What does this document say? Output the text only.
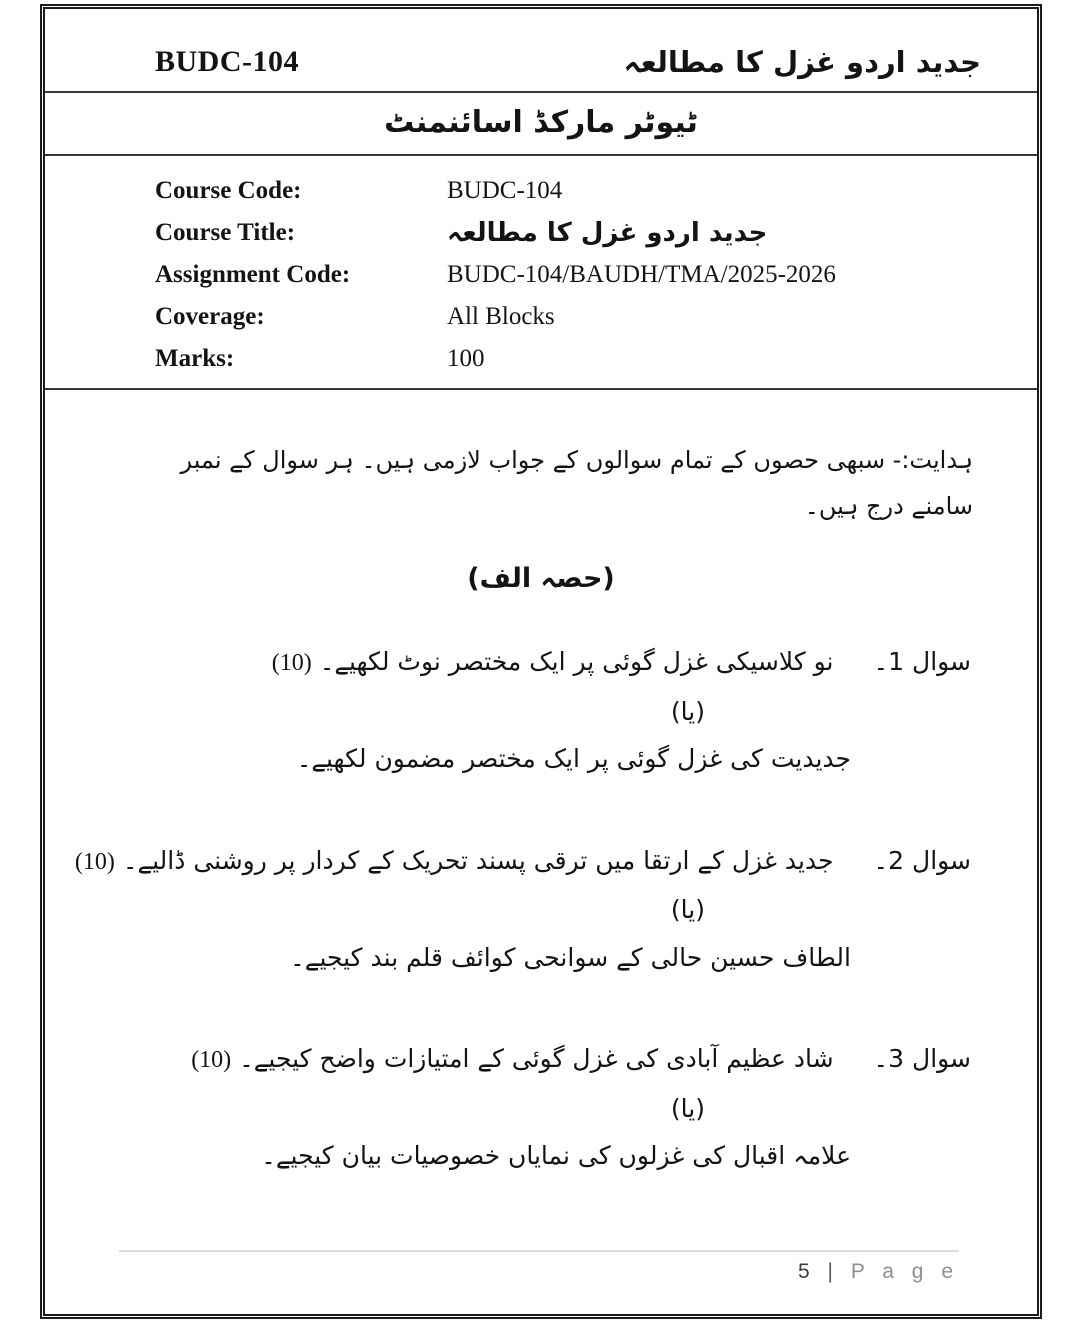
BUDC-104	جدید اردو غزل کا مطالعہ
ٹیوٹر مارکڈ اسائنمنٹ
Course Code:	BUDC-104
Course Title:	جدید اردو غزل کا مطالعہ
Assignment Code:	BUDC-104/BAUDH/TMA/2025-2026
Coverage:	All Blocks
Marks:	100
ہدایت:- سبھی حصوں کے تمام سوالوں کے جواب لازمی ہیں۔ ہر سوال کے نمبر سامنے درج ہیں۔
(حصہ الف)
سوال 1۔
نو کلاسیکی غزل گوئی پر ایک مختصر نوٹ لکھیے۔ (10)
(یا)
جدیدیت کی غزل گوئی پر ایک مختصر مضمون لکھیے۔
سوال 2۔
جدید غزل کے ارتقا میں ترقی پسند تحریک کے کردار پر روشنی ڈالیے۔ (10)
(یا)
الطاف حسین حالی کے سوانحی کوائف قلم بند کیجیے۔
سوال 3۔
شاد عظیم آبادی کی غزل گوئی کے امتیازات واضح کیجیے۔ (10)
(یا)
علامہ اقبال کی غزلوں کی نمایاں خصوصیات بیان کیجیے۔
5 | P a g e
